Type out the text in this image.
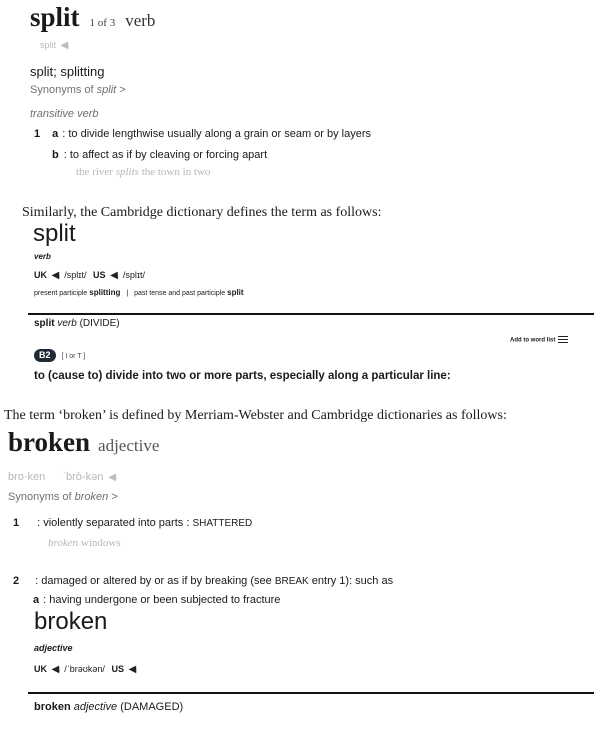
split 1 of 3 verb
split ◀ᵢ
split; splitting
Synonyms of split >
transitive verb
1 a : to divide lengthwise usually along a grain or seam or by layers
b : to affect as if by cleaving or forcing apart
the river splits the town in two
Similarly, the Cambridge dictionary defines the term as follows:
split
verb
UK ◀ᵢ /splɪt/ US ◀ᵢ /splɪt/
present participle splitting | past tense and past participle split
split verb (DIVIDE)
Add to word list
B2 [ I or T ]
to (cause to) divide into two or more parts, especially along a particular line:
The term ‘broken’ is defined by Merriam-Webster and Cambridge dictionaries as follows:
broken adjective
bro·ken ˈbrō-kən ◀ᵢ
Synonyms of broken >
1 : violently separated into parts : SHATTERED
broken windows
2 : damaged or altered by or as if by breaking (see BREAK entry 1): such as
a : having undergone or been subjected to fracture
broken
adjective
UK ◀ᵢ /ˈbrəʊkən/ US ◀ᵢ
broken adjective (DAMAGED)
